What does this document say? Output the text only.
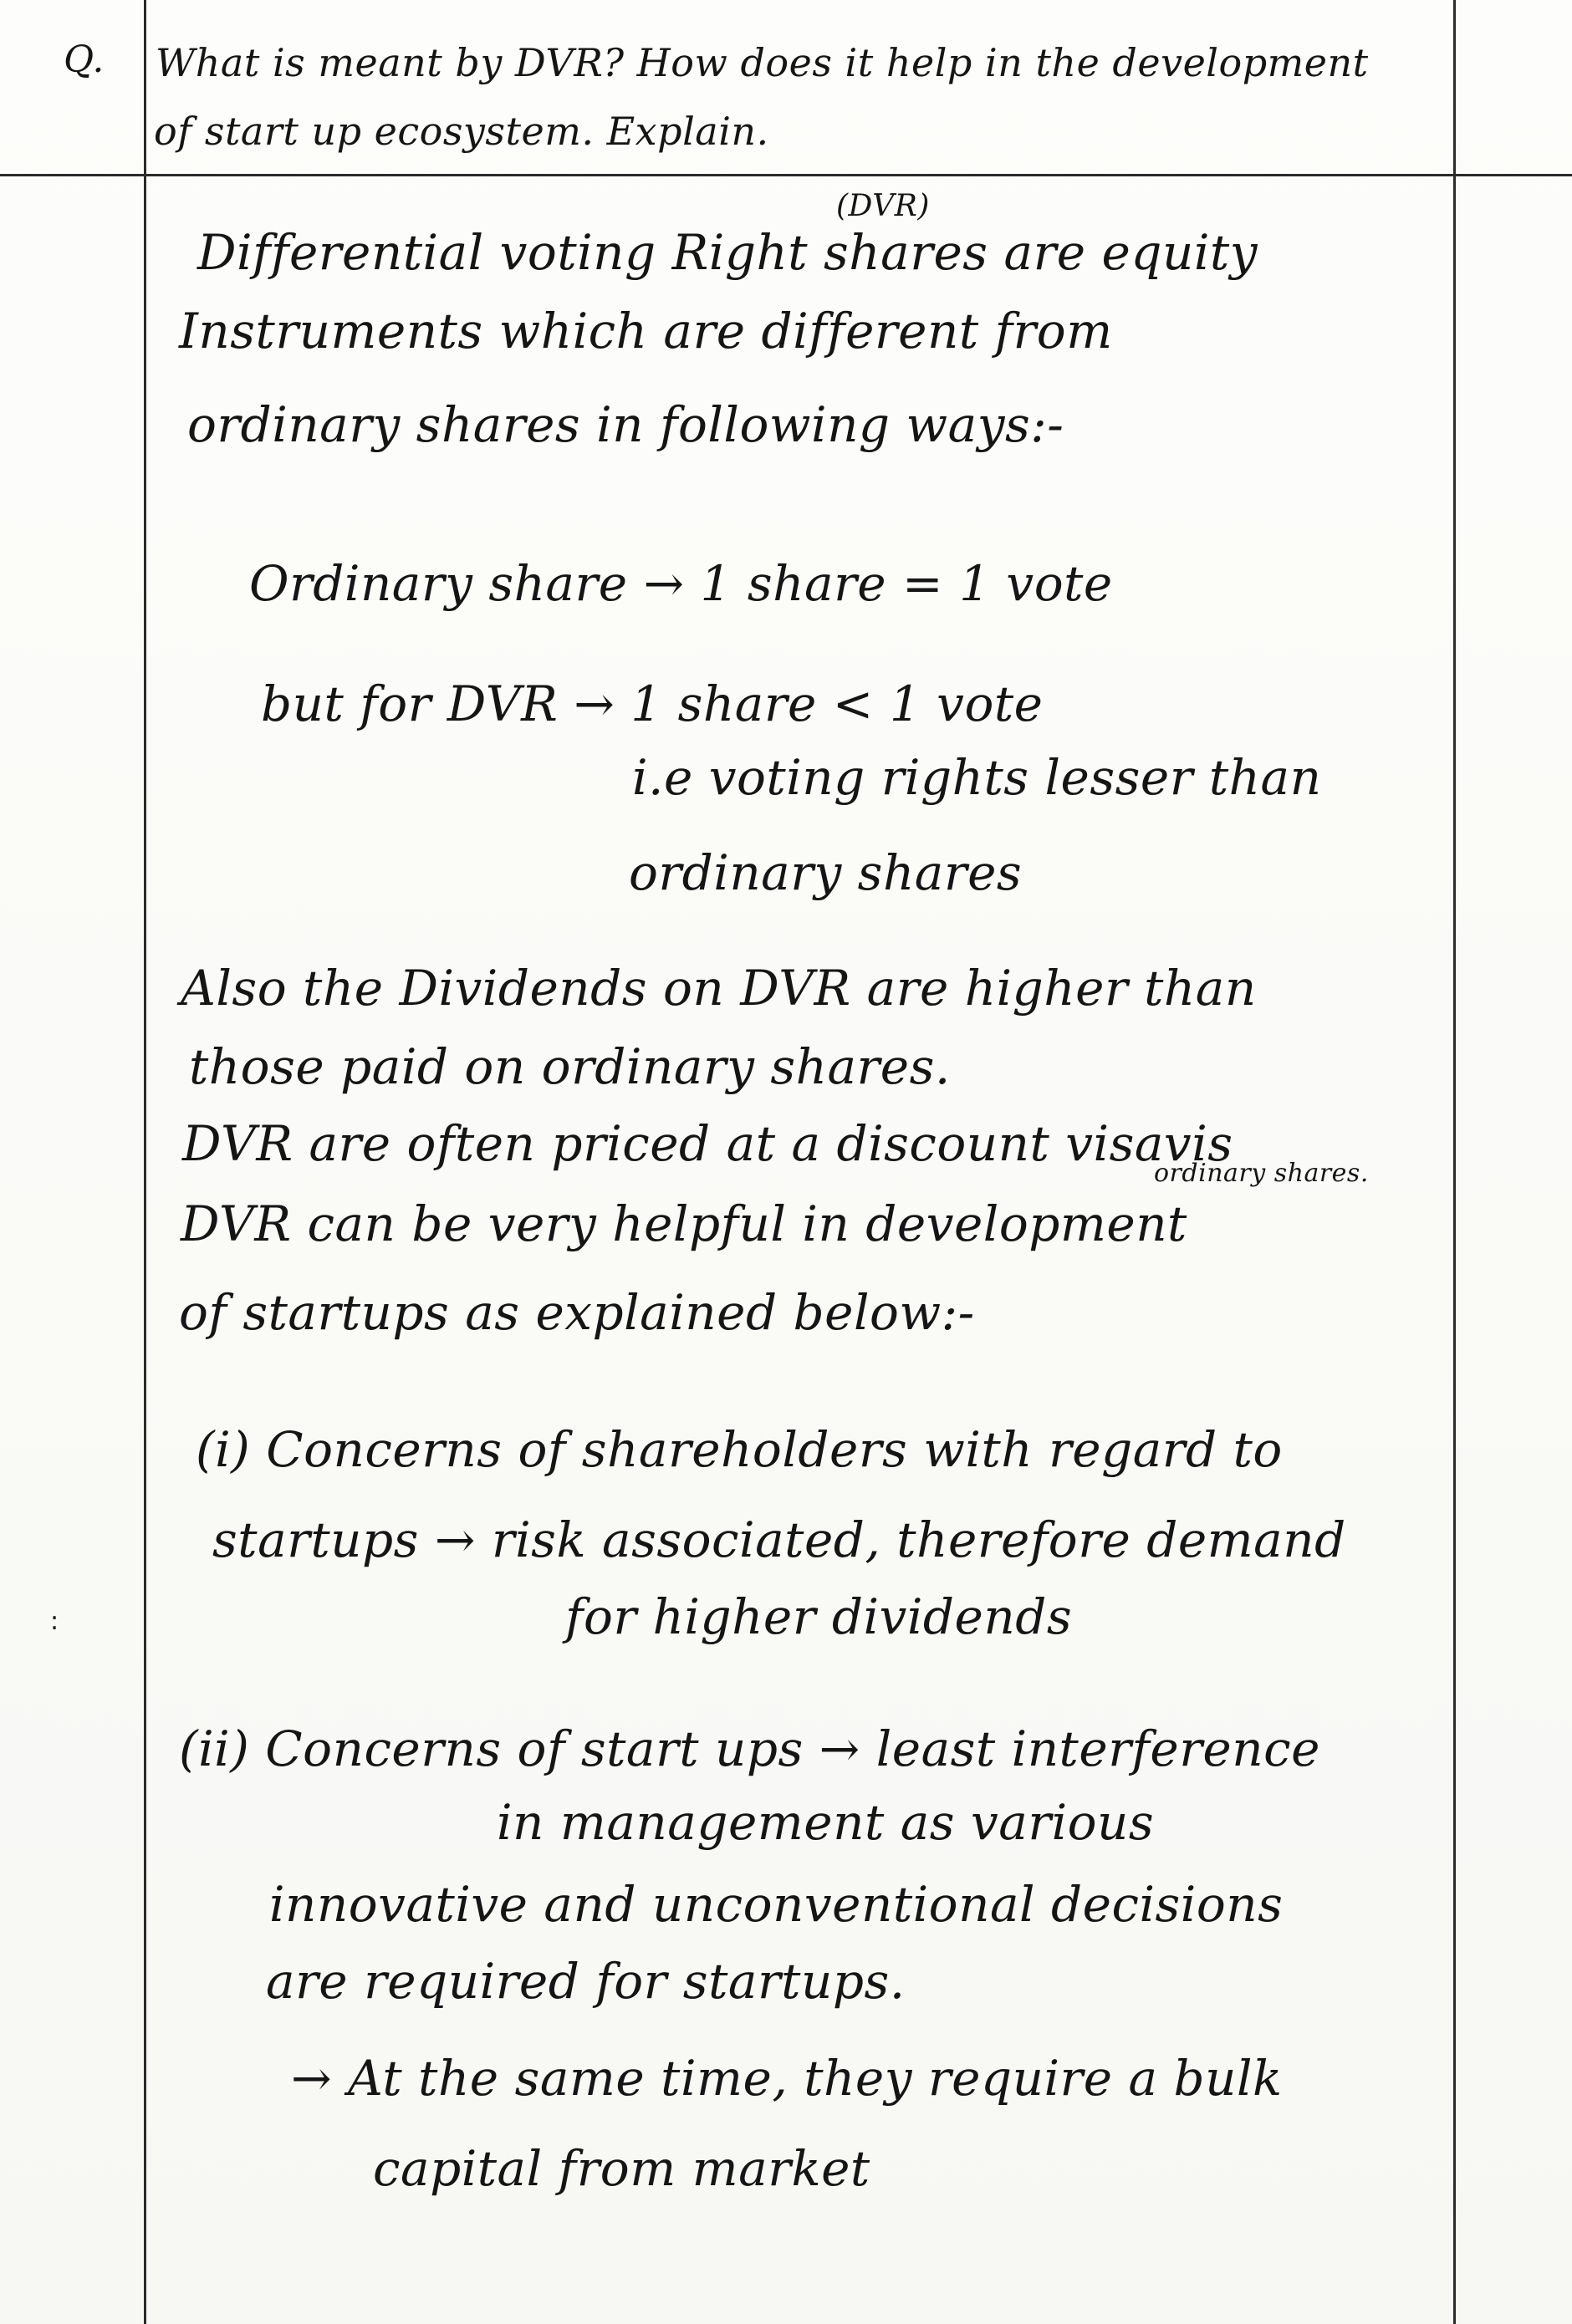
Q. What is meant by DVR? How does it help in the development
of start up ecosystem. Explain.
(DVR)
Differential voting Right shares are equity
Instruments which are different from
ordinary shares in following ways:-
Ordinary share → 1 share = 1 vote
but for DVR → 1 share < 1 vote
i.e voting rights lesser than
ordinary shares
Also the Dividends on DVR are higher than
those paid on ordinary shares.
DVR are often priced at a discount visavis
ordinary shares.
DVR can be very helpful in development
of startups as explained below:-
(i) Concerns of shareholders with regard to
startups → risk associated, therefore demand
for higher dividends
(ii) Concerns of start ups → least interference
in management as various
innovative and unconventional decisions
are required for startups.
→ At the same time, they require a bulk
capital from market
:
